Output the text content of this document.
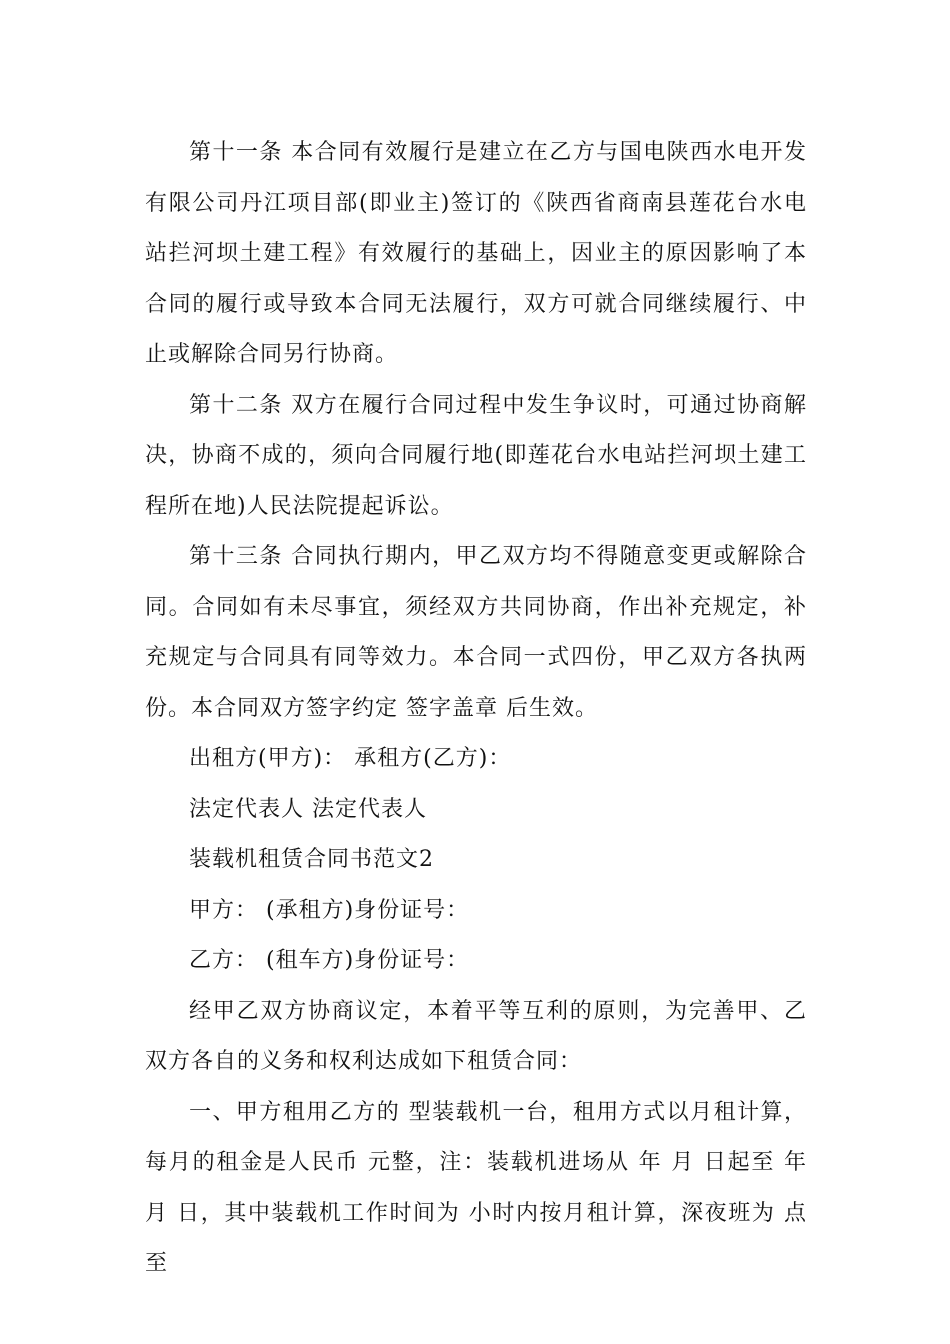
第十一条 本合同有效履行是建立在乙方与国电陕西水电开发有限公司丹江项目部(即业主)签订的《陕西省商南县莲花台水电站拦河坝土建工程》有效履行的基础上，因业主的原因影响了本合同的履行或导致本合同无法履行，双方可就合同继续履行、中止或解除合同另行协商。

第十二条 双方在履行合同过程中发生争议时，可通过协商解决，协商不成的，须向合同履行地(即莲花台水电站拦河坝土建工程所在地)人民法院提起诉讼。

第十三条 合同执行期内，甲乙双方均不得随意变更或解除合同。合同如有未尽事宜，须经双方共同协商，作出补充规定，补充规定与合同具有同等效力。本合同一式四份，甲乙双方各执两份。本合同双方签字约定 签字盖章 后生效。

出租方(甲方)： 承租方(乙方)：

法定代表人 法定代表人

装载机租赁合同书范文2

甲方： (承租方)身份证号：

乙方： (租车方)身份证号：

经甲乙双方协商议定，本着平等互利的原则，为完善甲、乙双方各自的义务和权利达成如下租赁合同：

一、甲方租用乙方的 型装载机一台，租用方式以月租计算，每月的租金是人民币 元整，注：装载机进场从 年 月 日起至 年 月 日，其中装载机工作时间为 小时内按月租计算，深夜班为 点至
